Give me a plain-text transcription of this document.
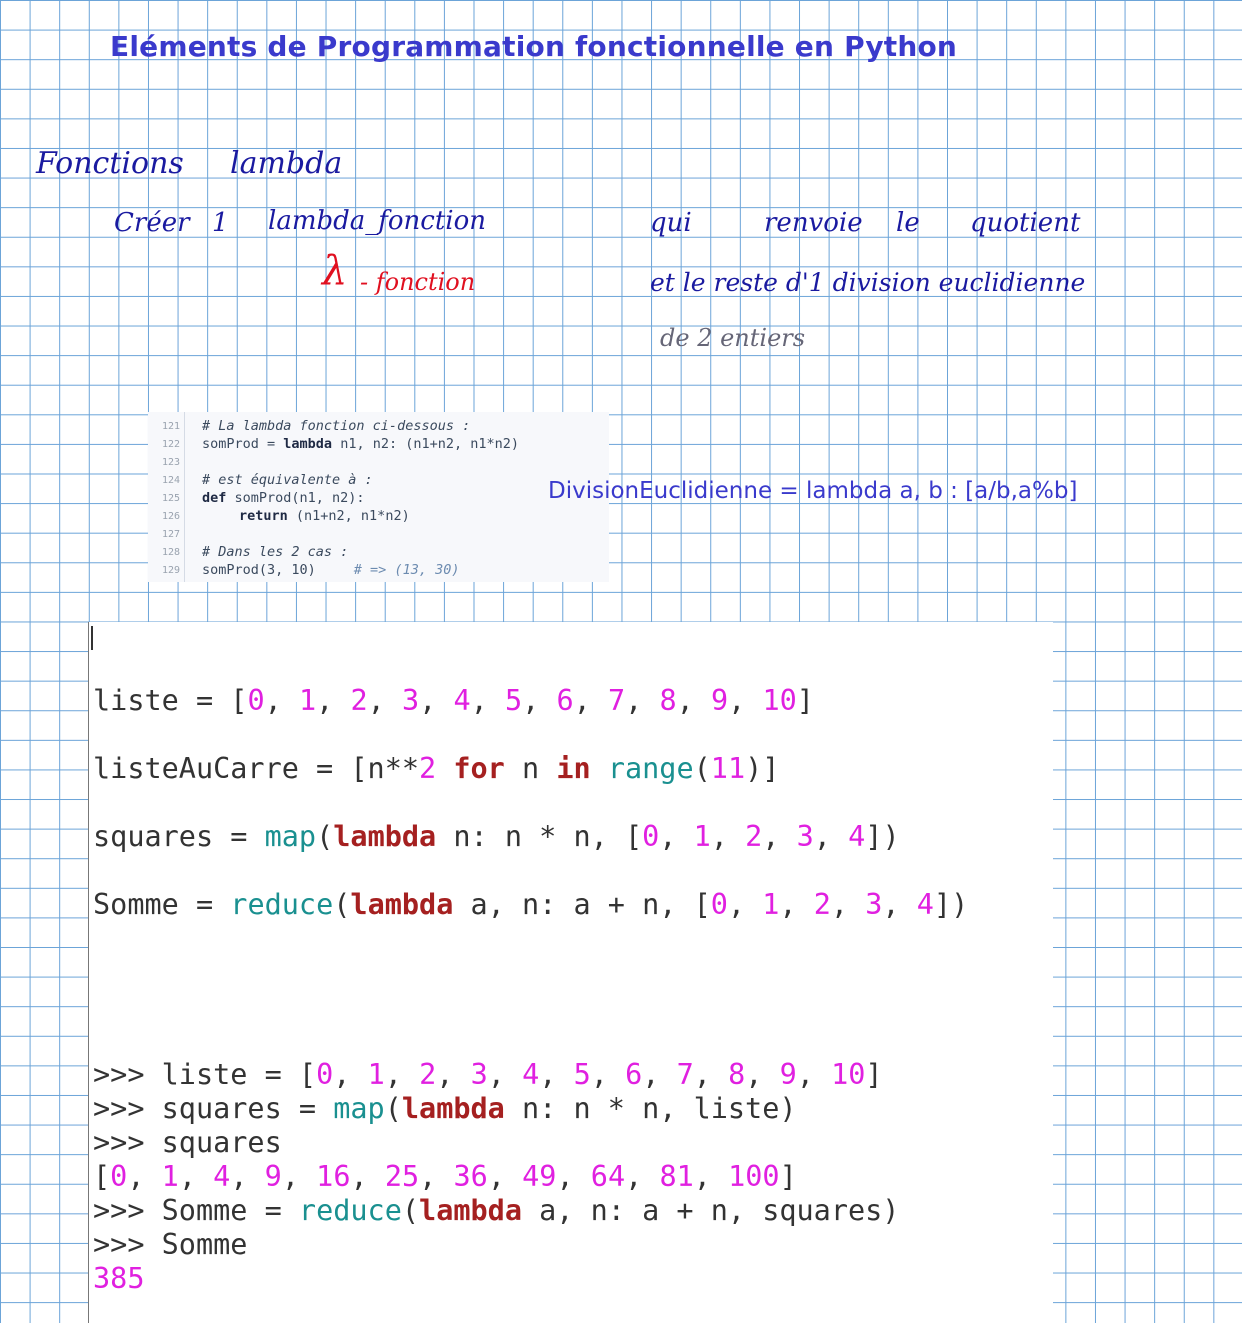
Eléments de Programmation fonctionnelle en Python
Fonctions lambda
Créer 1 lambda_fonction	qui	renvoie le quotient
λ - fonction	et le reste d'1 division euclidienne
de 2 entiers
121
122
123
124
125
126
127
128
129
# La lambda fonction ci-dessous :
somProd = lambda n1, n2: (n1+n2, n1*n2)
# est équivalente à :
def somProd(n1, n2):
return (n1+n2, n1*n2)
# Dans les 2 cas :
somProd(3, 10)	# => (13, 30)
DivisionEuclidienne = lambda a, b : [a/b,a%b]
liste = [0, 1, 2, 3, 4, 5, 6, 7, 8, 9, 10]
listeAuCarre = [n**2 for n in range(11)]
squares = map(lambda n: n * n, [0, 1, 2, 3, 4])
Somme = reduce(lambda a, n: a + n, [0, 1, 2, 3, 4])
>>> liste = [0, 1, 2, 3, 4, 5, 6, 7, 8, 9, 10]
>>> squares = map(lambda n: n * n, liste)
>>> squares
[0, 1, 4, 9, 16, 25, 36, 49, 64, 81, 100]
>>> Somme = reduce(lambda a, n: a + n, squares)
>>> Somme
385
